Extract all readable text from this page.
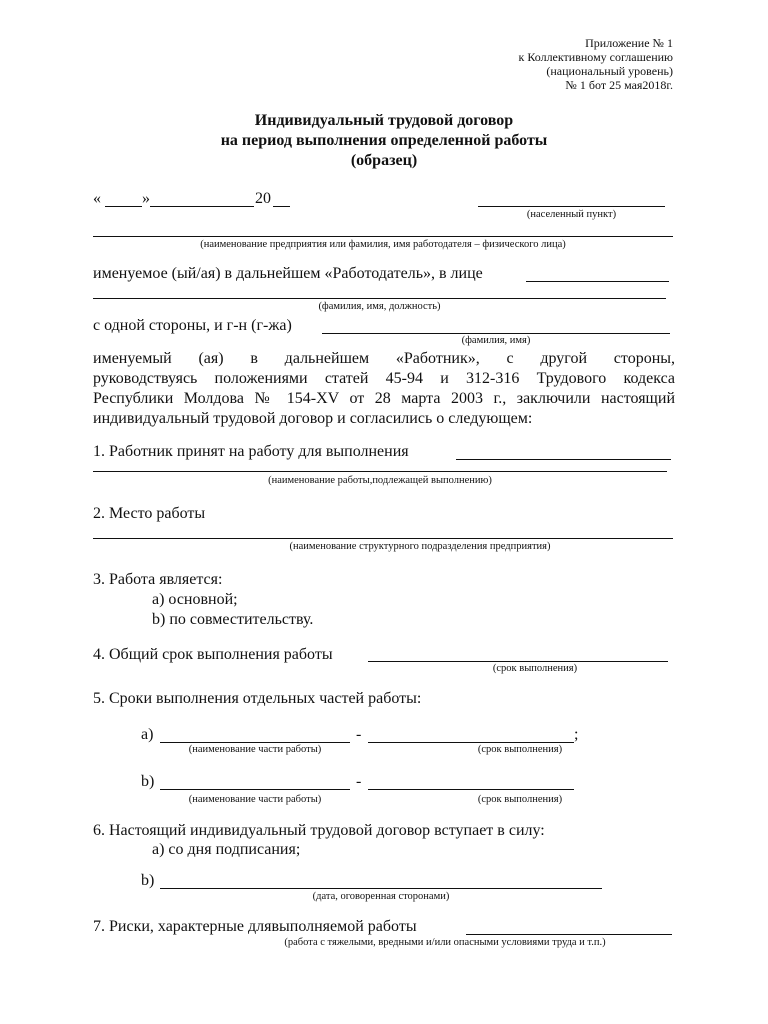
Приложение № 1
к Коллективному соглашению
(национальный уровень)
№ 1 бот 25 мая2018г.
Индивидуальный трудовой договор
на период выполнения определенной работы
(образец)
«	»	20
(населенный пункт)
(наименование предприятия или фамилия, имя работодателя – физического лица)
именуемое (ый/ая) в дальнейшем «Работодатель», в лице
(фамилия, имя, должность)
с одной стороны, и г-н (г-жа)
(фамилия, имя)
именуемый (ая) в дальнейшем «Работник», с другой стороны,
руководствуясь положениями статей 45-94 и 312-316 Трудового кодекса
Республики Молдова № 154-XV от 28 марта 2003 г., заключили настоящий
индивидуальный трудовой договор и согласились о следующем:
1. Работник принят на работу для выполнения
(наименование работы,подлежащей выполнению)
2. Место работы
(наименование структурного подразделения предприятия)
3. Работа является:
а) основной;
b) по совместительству.
4. Общий срок выполнения работы
(срок выполнения)
5. Сроки выполнения отдельных частей работы:
а)	-	;
(наименование части работы)	(срок выполнения)
b)	-
(наименование части работы)	(срок выполнения)
6. Настоящий индивидуальный трудовой договор вступает в силу:
а) со дня подписания;
b)
(дата, оговоренная сторонами)
7. Риски, характерные длявыполняемой работы
(работа с тяжелыми, вредными и/или опасными условиями труда и т.п.)
